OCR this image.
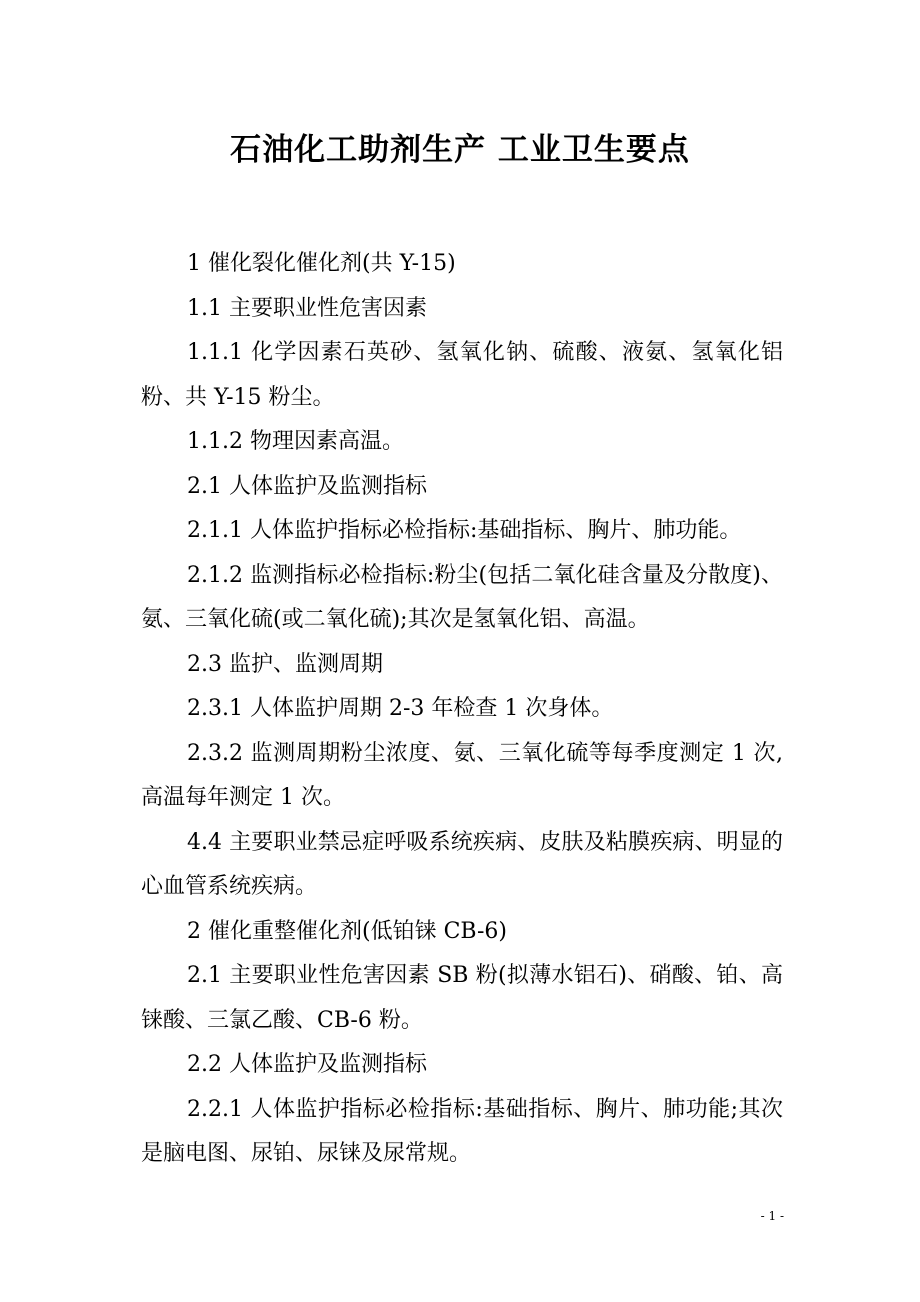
石油化工助剂生产 工业卫生要点

1 催化裂化催化剂(共 Y-15)

1.1 主要职业性危害因素

1.1.1 化学因素石英砂、氢氧化钠、硫酸、液氨、氢氧化铝粉、共 Y-15 粉尘。

1.1.2 物理因素高温。

2.1 人体监护及监测指标

2.1.1 人体监护指标必检指标:基础指标、胸片、肺功能。

2.1.2 监测指标必检指标:粉尘(包括二氧化硅含量及分散度)、氨、三氧化硫(或二氧化硫);其次是氢氧化铝、高温。

2.3 监护、监测周期

2.3.1 人体监护周期 2-3 年检查 1 次身体。

2.3.2 监测周期粉尘浓度、氨、三氧化硫等每季度测定 1 次,高温每年测定 1 次。

4.4 主要职业禁忌症呼吸系统疾病、皮肤及粘膜疾病、明显的心血管系统疾病。

2 催化重整催化剂(低铂铼 CB-6)

2.1 主要职业性危害因素 SB 粉(拟薄水铝石)、硝酸、铂、高铼酸、三氯乙酸、CB-6 粉。

2.2 人体监护及监测指标

2.2.1 人体监护指标必检指标:基础指标、胸片、肺功能;其次是脑电图、尿铂、尿铼及尿常规。

- 1 -
